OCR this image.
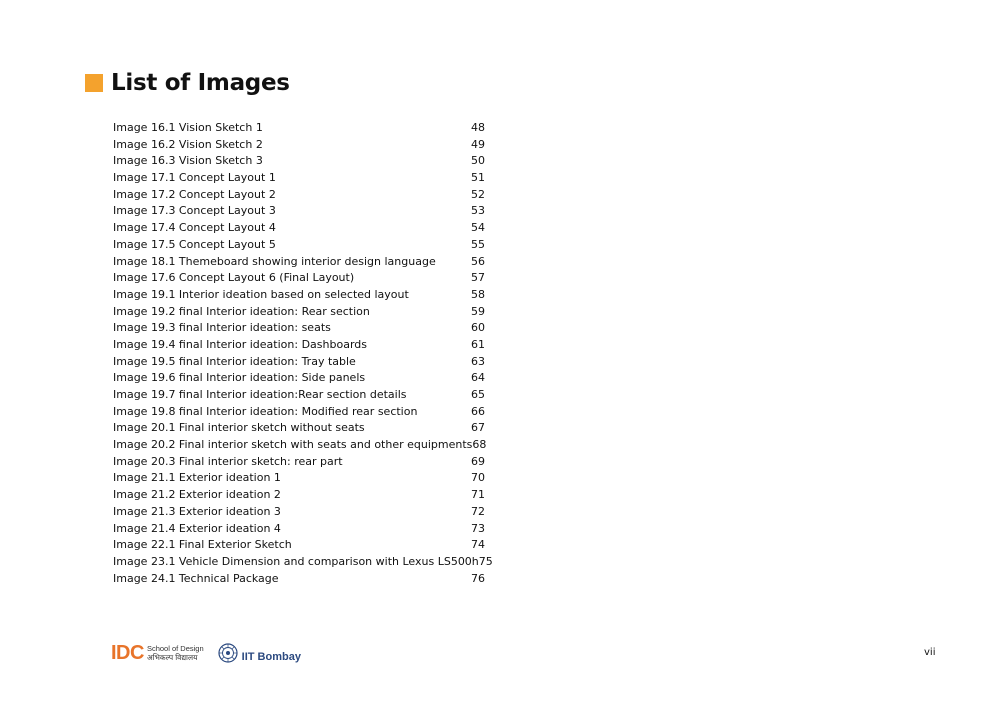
List of Images
Image 16.1 Vision Sketch 1	48
Image 16.2 Vision Sketch 2	49
Image 16.3 Vision Sketch 3	50
Image 17.1 Concept Layout 1	51
Image 17.2 Concept Layout 2	52
Image 17.3 Concept Layout 3	53
Image 17.4 Concept Layout 4	54
Image 17.5 Concept Layout 5	55
Image 18.1 Themeboard showing interior design language	56
Image 17.6 Concept Layout 6 (Final Layout)	57
Image 19.1 Interior ideation based on selected layout	58
Image 19.2 final Interior ideation: Rear section	59
Image 19.3 final Interior ideation: seats	60
Image 19.4 final Interior ideation: Dashboards	61
Image 19.5 final Interior ideation: Tray table	63
Image 19.6 final Interior ideation: Side panels	64
Image 19.7 final Interior ideation:Rear section details	65
Image 19.8 final Interior ideation: Modified rear section	66
Image 20.1 Final interior sketch without seats	67
Image 20.2 Final interior sketch with seats and other equipments 68
Image 20.3 Final interior sketch: rear part	69
Image 21.1 Exterior ideation 1	70
Image 21.2 Exterior ideation 2	71
Image 21.3 Exterior ideation 3	72
Image 21.4 Exterior ideation 4	73
Image 22.1 Final Exterior Sketch	74
Image 23.1 Vehicle Dimension and comparison with Lexus LS500h 75
Image 24.1 Technical Package	76
IDC School of Design
अभिकल्प विद्यालय	IIT Bombay	vii
